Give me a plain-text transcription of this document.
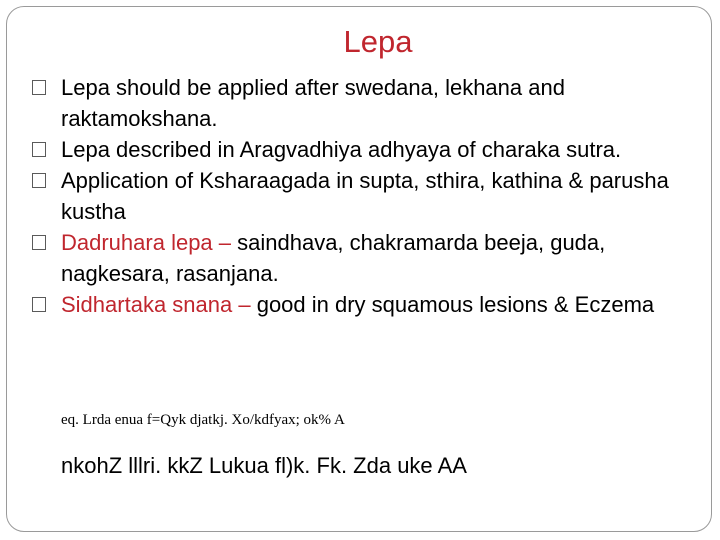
Lepa

Lepa should be applied after swedana, lekhana and raktamokshana.

Lepa described in Aragvadhiya adhyaya of charaka sutra.

Application of Ksharaagada in supta, sthira, kathina & parusha kustha

Dadruhara lepa – saindhava, chakramarda beeja, guda, nagkesara, rasanjana.

Sidhartaka snana – good in dry squamous lesions & Eczema

eq. Lrda enua f=Qyk djatkj. Xo/kdfyax; ok% A
nkohZ lllri. kkZ Lukua fl)k. Fk. Zda uke AA
